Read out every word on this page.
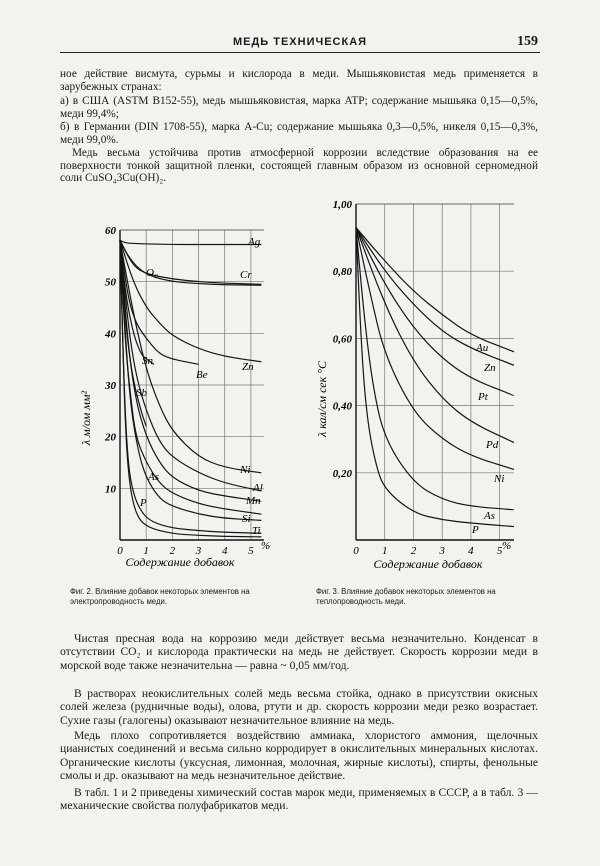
МЕДЬ ТЕХНИЧЕСКАЯ	159

ное действие висмута, сурьмы и кислорода в меди. Мышьяковистая медь применяется в зарубежных странах:

а) в США (ASTM B152-55), медь мышьяковистая, марка ATP; содержание мышьяка 0,15—0,5%, меди 99,4%;

б) в Германии (DIN 1708-55), марка A-Cu; содержание мышьяка 0,3—0,5%, никеля 0,15—0,3%, меди 99,0%.

Медь весьма устойчива против атмосферной коррозии вследствие образования на ее поверхности тонкой защитной пленки, состоящей главным образом из основной серномедной соли CuSO₄3Cu(OH)₂.

0 1 2 3 4 5
10
20
30
40
50
60
Ag
O₂	Cr
Zn
Be
Sn
Sb
Ni
Al
Mn
As
Si
P
Ti
λ м/ом мм²
Содержание добавок
%

Фиг. 2. Влияние добавок некоторых элементов на электропроводность меди.

0 1 2 3 4 5
0,20
0,40
0,60
0,80
1,00
Au
Zn
Pt
Pd
Ni
As
P
λ кал/см сек °С
Содержание добавок
%

Фиг. 3. Влияние добавок некоторых элементов на теплопроводность меди.

Чистая пресная вода на коррозию меди действует весьма незначительно. Конденсат в отсутствии CO₂ и кислорода практически на медь не действует. Скорость коррозии меди в морской воде также незначительна — равна ~ 0,05 мм/год.

В растворах неокислительных солей медь весьма стойка, однако в присутствии окисных солей железа (рудничные воды), олова, ртути и др. скорость коррозии меди резко возрастает. Сухие газы (галогены) оказывают незначительное влияние на медь.

Медь плохо сопротивляется воздействию аммиака, хлористого аммония, щелочных цианистых соединений и весьма сильно корродирует в окислительных минеральных кислотах. Органические кислоты (уксусная, лимонная, молочная, жирные кислоты), спирты, фенольные смолы и др. оказывают на медь незначительное действие.

В табл. 1 и 2 приведены химический состав марок меди, применяемых в СССР, а в табл. 3 — механические свойства полуфабрикатов меди.
